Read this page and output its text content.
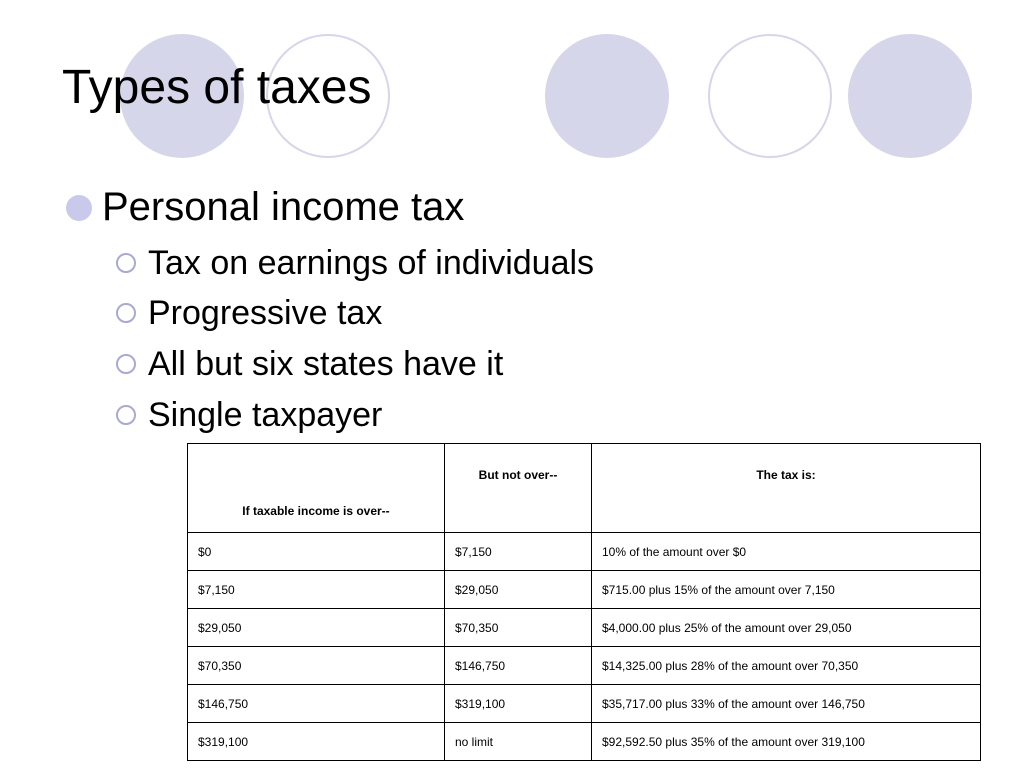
Types of taxes
Personal income tax
Tax on earnings of individuals
Progressive tax
All but six states have it
Single taxpayer
If taxable income is over--	But not over--	The tax is:
$0	$7,150	10% of the amount over $0
$7,150	$29,050	$715.00 plus 15% of the amount over 7,150
$29,050	$70,350	$4,000.00 plus 25% of the amount over 29,050
$70,350	$146,750	$14,325.00 plus 28% of the amount over 70,350
$146,750	$319,100	$35,717.00 plus 33% of the amount over 146,750
$319,100	no limit	$92,592.50 plus 35% of the amount over 319,100
